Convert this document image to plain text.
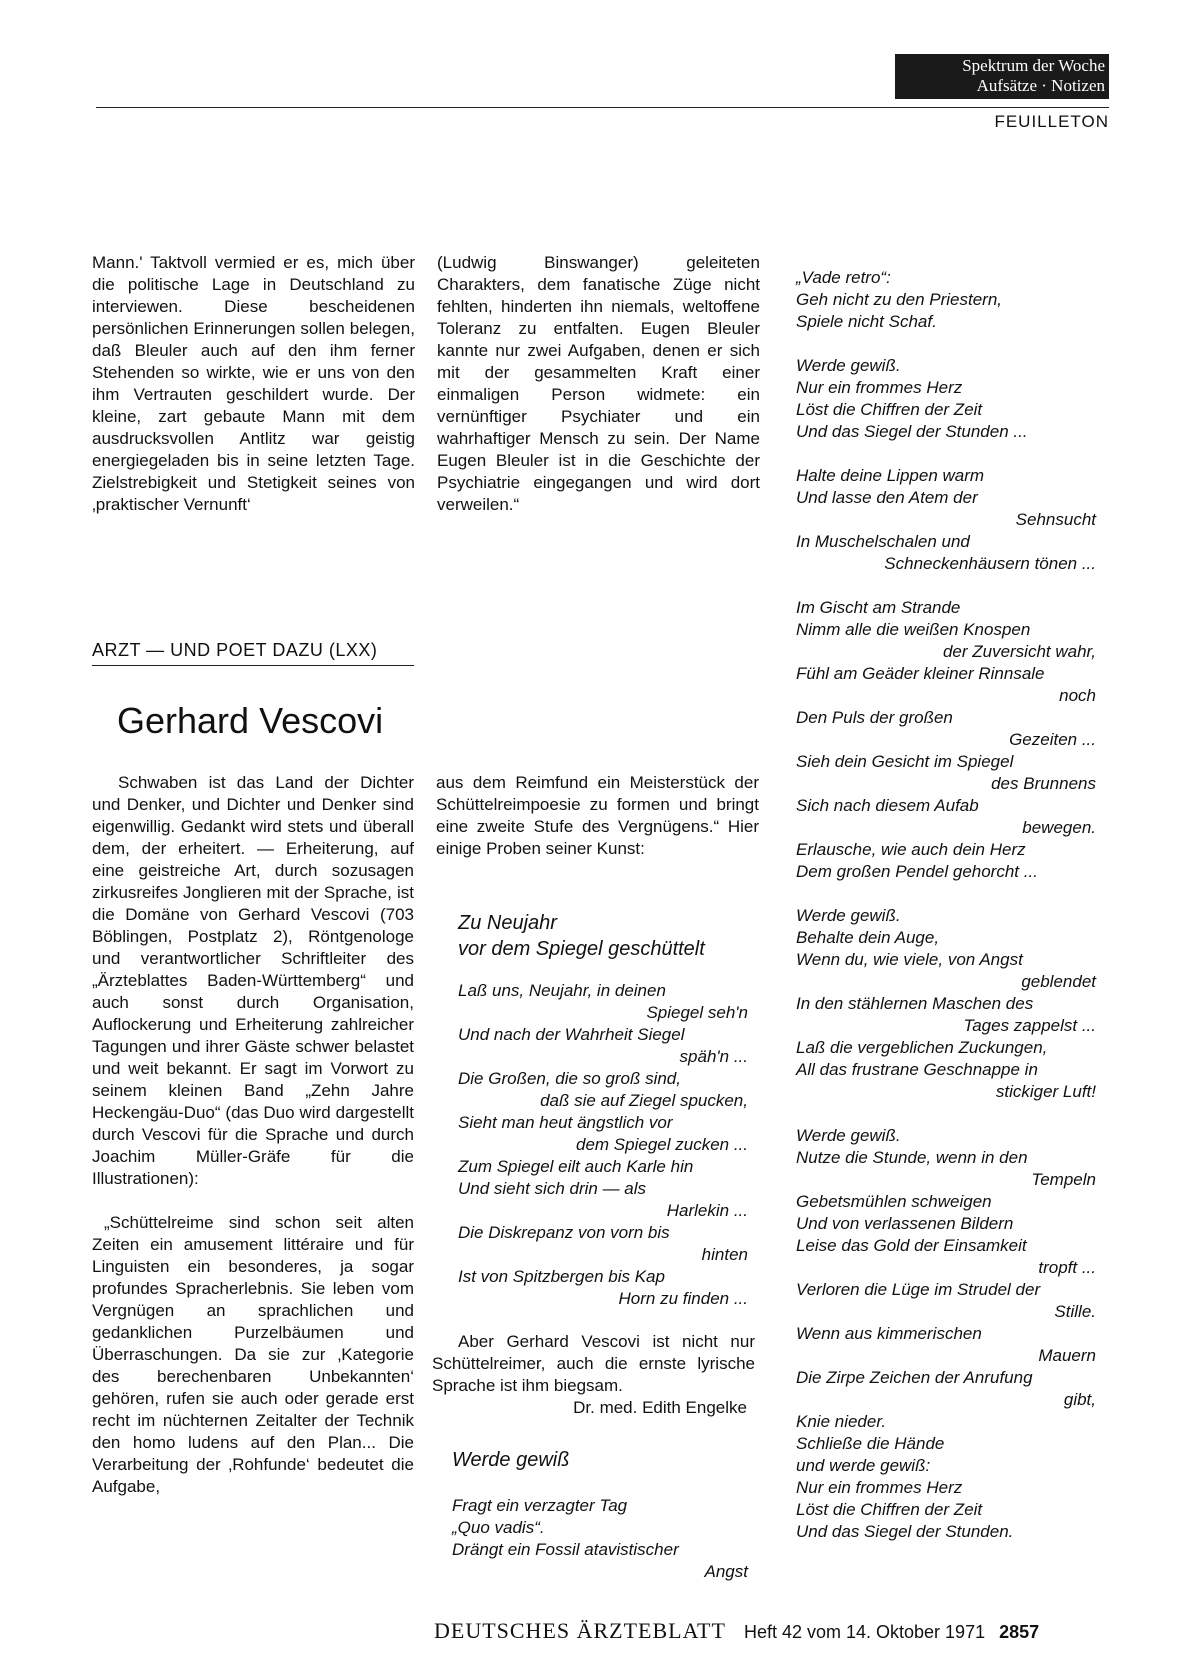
Spektrum der Woche
Aufsätze · Notizen
FEUILLETON

Mann.' Taktvoll vermied er es, mich über die politische Lage in Deutschland zu interviewen. Diese bescheidenen persönlichen Erinnerungen sollen belegen, daß Bleuler auch auf den ihm ferner Stehenden so wirkte, wie er uns von den ihm Vertrauten geschildert wurde. Der kleine, zart gebaute Mann mit dem ausdrucksvollen Antlitz war geistig energiegeladen bis in seine letzten Tage. Zielstrebigkeit und Stetigkeit seines von ‚praktischer Vernunft‘

(Ludwig Binswanger) geleiteten Charakters, dem fanatische Züge nicht fehlten, hinderten ihn niemals, weltoffene Toleranz zu entfalten. Eugen Bleuler kannte nur zwei Aufgaben, denen er sich mit der gesammelten Kraft einer einmaligen Person widmete: ein vernünftiger Psychiater und ein wahrhaftiger Mensch zu sein. Der Name Eugen Bleuler ist in die Geschichte der Psychiatrie eingegangen und wird dort verweilen.“

ARZT — UND POET DAZU (LXX)
Gerhard Vescovi

Schwaben ist das Land der Dichter und Denker, und Dichter und Denker sind eigenwillig. Gedankt wird stets und überall dem, der erheitert. — Erheiterung, auf eine geistreiche Art, durch sozusagen zirkusreifes Jonglieren mit der Sprache, ist die Domäne von Gerhard Vescovi (703 Böblingen, Postplatz 2), Röntgenologe und verantwortlicher Schriftleiter des „Ärzteblattes Baden-Württemberg“ und auch sonst durch Organisation, Auflockerung und Erheiterung zahlreicher Tagungen und ihrer Gäste schwer belastet und weit bekannt. Er sagt im Vorwort zu seinem kleinen Band „Zehn Jahre Heckengäu-Duo“ (das Duo wird dargestellt durch Vescovi für die Sprache und durch Joachim Müller-Gräfe für die Illustrationen):

„Schüttelreime sind schon seit alten Zeiten ein amusement littéraire und für Linguisten ein besonderes, ja sogar profundes Spracherlebnis. Sie leben vom Vergnügen an sprachlichen und gedanklichen Purzelbäumen und Überraschungen. Da sie zur ‚Kategorie des berechenbaren Unbekannten‘ gehören, rufen sie auch oder gerade erst recht im nüchternen Zeitalter der Technik den homo ludens auf den Plan... Die Verarbeitung der ‚Rohfunde‘ bedeutet die Aufgabe,

aus dem Reimfund ein Meisterstück der Schüttelreimpoesie zu formen und bringt eine zweite Stufe des Vergnügens.“ Hier einige Proben seiner Kunst:

Zu Neujahr
vor dem Spiegel geschüttelt
Laß uns, Neujahr, in deinen
Spiegel seh'n
Und nach der Wahrheit Siegel
späh'n ...
Die Großen, die so groß sind,
daß sie auf Ziegel spucken,
Sieht man heut ängstlich vor
dem Spiegel zucken ...
Zum Spiegel eilt auch Karle hin
Und sieht sich drin — als
Harlekin ...
Die Diskrepanz von vorn bis
hinten
Ist von Spitzbergen bis Kap
Horn zu finden ...

Aber Gerhard Vescovi ist nicht nur Schüttelreimer, auch die ernste lyrische Sprache ist ihm biegsam.

Dr. med. Edith Engelke
Werde gewiß
Fragt ein verzagter Tag
„Quo vadis“.
Drängt ein Fossil atavistischer
Angst
„Vade retro“:
Geh nicht zu den Priestern,
Spiele nicht Schaf.
Werde gewiß.
Nur ein frommes Herz
Löst die Chiffren der Zeit
Und das Siegel der Stunden ...
Halte deine Lippen warm
Und lasse den Atem der
Sehnsucht
In Muschelschalen und
Schneckenhäusern tönen ...
Im Gischt am Strande
Nimm alle die weißen Knospen
der Zuversicht wahr,
Fühl am Geäder kleiner Rinnsale
noch
Den Puls der großen
Gezeiten ...
Sieh dein Gesicht im Spiegel
des Brunnens
Sich nach diesem Aufab
bewegen.
Erlausche, wie auch dein Herz
Dem großen Pendel gehorcht ...
Werde gewiß.
Behalte dein Auge,
Wenn du, wie viele, von Angst
geblendet
In den stählernen Maschen des
Tages zappelst ...
Laß die vergeblichen Zuckungen,
All das frustrane Geschnappe in
stickiger Luft!
Werde gewiß.
Nutze die Stunde, wenn in den
Tempeln
Gebetsmühlen schweigen
Und von verlassenen Bildern
Leise das Gold der Einsamkeit
tropft ...
Verloren die Lüge im Strudel der
Stille.
Wenn aus kimmerischen
Mauern
Die Zirpe Zeichen der Anrufung
gibt,
Knie nieder.
Schließe die Hände
und werde gewiß:
Nur ein frommes Herz
Löst die Chiffren der Zeit
Und das Siegel der Stunden.
DEUTSCHES ÄRZTEBLATT Heft 42 vom 14. Oktober 1971 2857
